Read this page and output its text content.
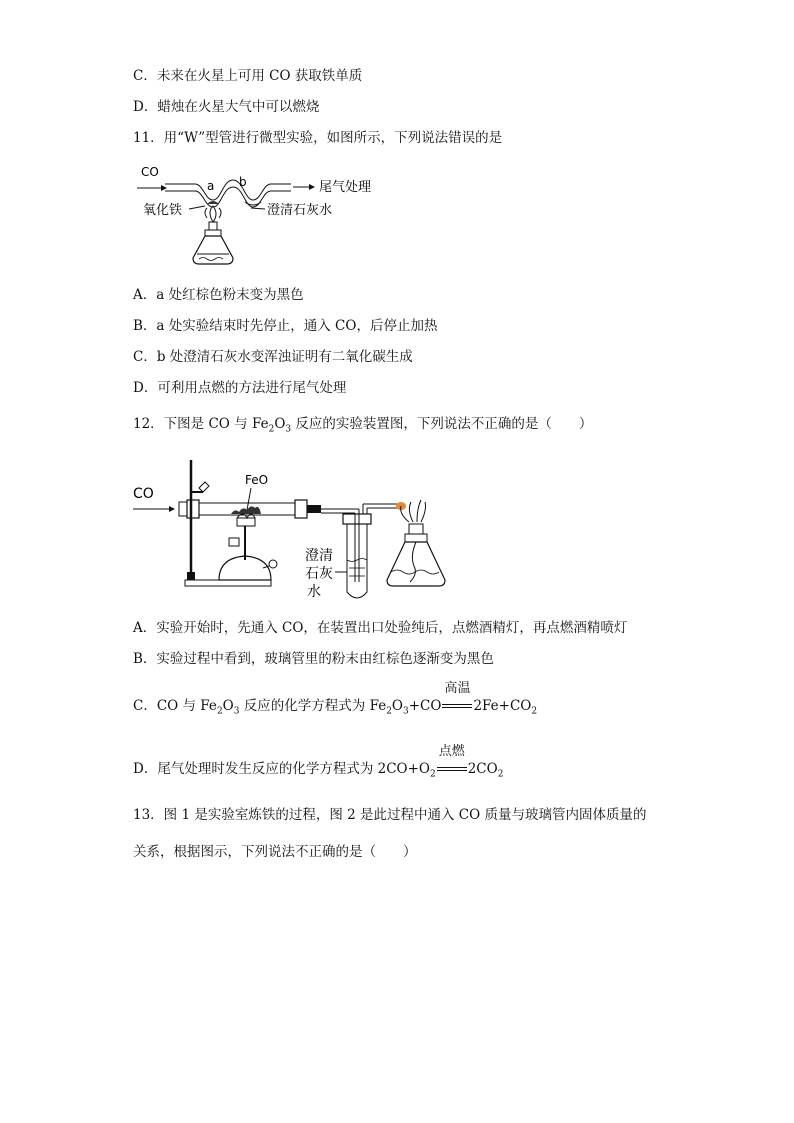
C．未来在火星上可用 CO 获取铁单质
D．蜡烛在火星大气中可以燃烧
11．用“W”型管进行微型实验，如图所示，下列说法错误的是
CO
a b	尾气处理
氧化铁	澄清石灰水
A．a 处红棕色粉末变为黑色
B．a 处实验结束时先停止，通入 CO，后停止加热
C．b 处澄清石灰水变浑浊证明有二氧化碳生成
D．可利用点燃的方法进行尾气处理
12．下图是 CO 与 $Fe_2O_3$ 反应的实验装置图，下列说法不正确的是（　　）
CO
FeO
澄清
石灰
水
A．实验开始时，先通入 CO，在装置出口处验纯后，点燃酒精灯，再点燃酒精喷灯
B．实验过程中看到，玻璃管里的粉末由红棕色逐渐变为黑色
C．CO 与 $Fe_2O_3$ 反应的化学方程式为 $Fe_2O_3+CO$
高温
$2Fe+CO_2$
D．尾气处理时发生反应的化学方程式为 $2CO+O_2$
点燃
$2CO_2$
13．图 1 是实验室炼铁的过程，图 2 是此过程中通入 CO 质量与玻璃管内固体质量的
关系，根据图示，下列说法不正确的是（　　）
